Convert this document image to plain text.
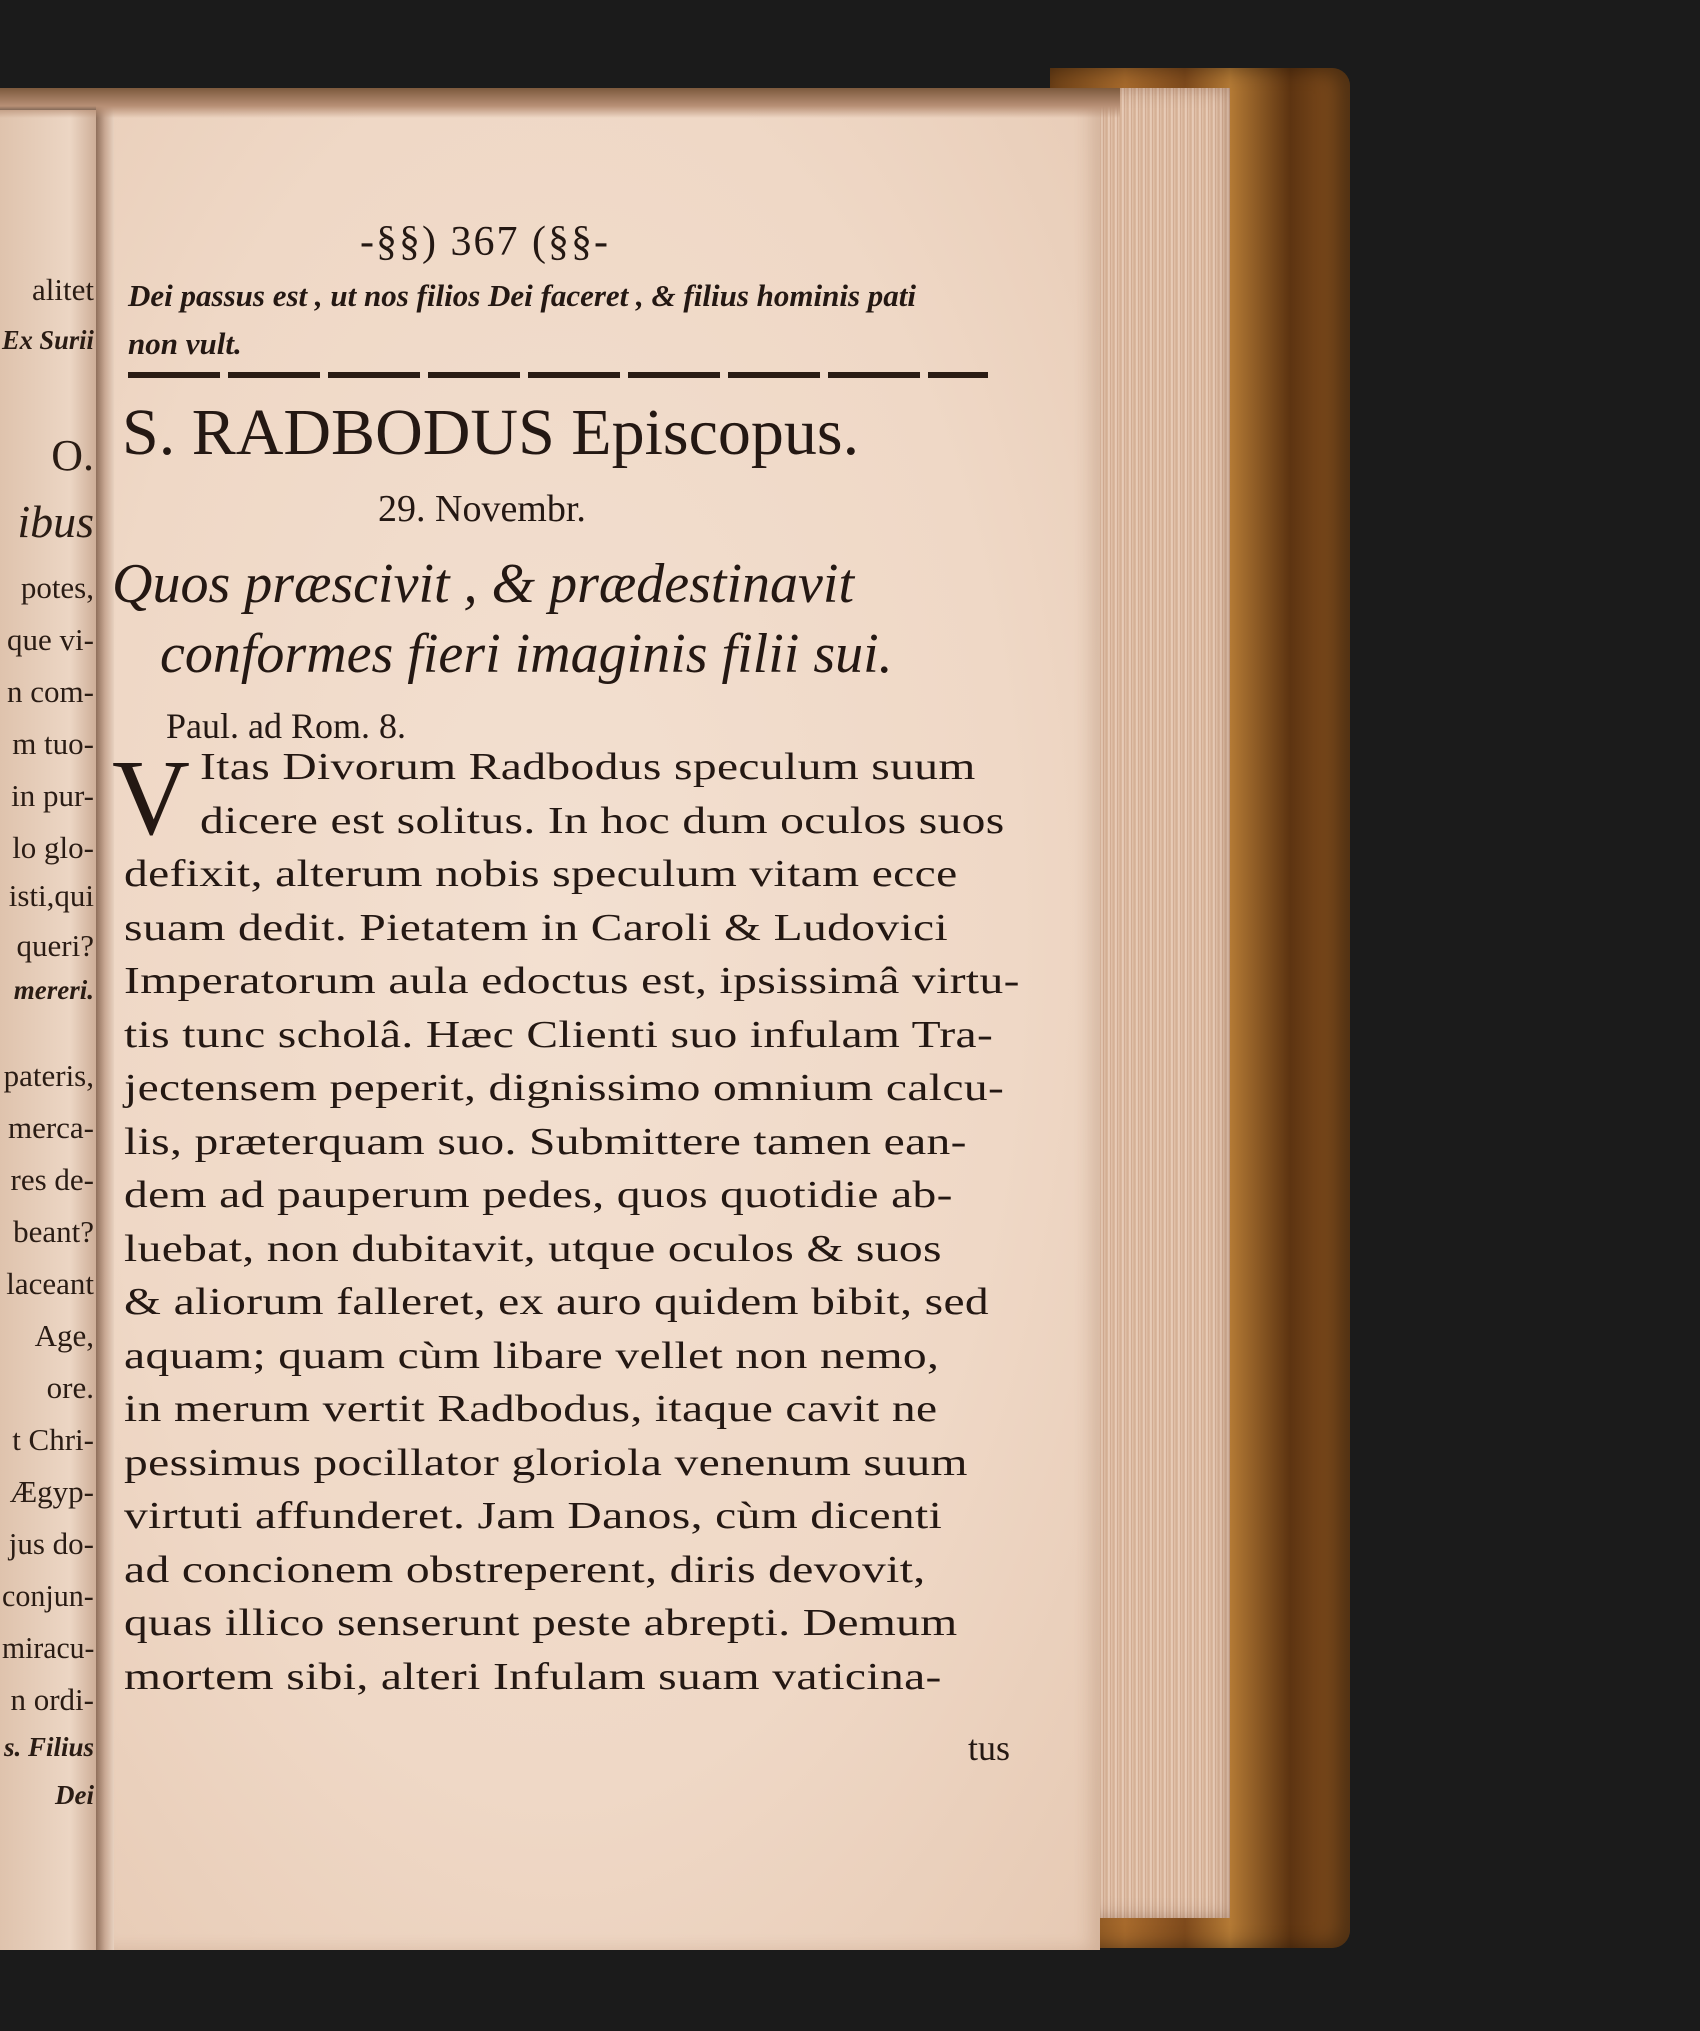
alitet
Ex Surii
O.
ibus
potes,
que vi-
n com-
m tuo-
in pur-
lo glo-
isti,qui
queri?
mereri.
pateris,
merca-
res de-
beant?
laceant
Age,
ore.
t Chri-
Ægyp-
jus do-
conjun-
miracu-
n ordi-
s. Filius
Dei
-§§) 367 (§§-
Dei passus est , ut nos filios Dei faceret , & filius hominis pati
non vult.
S. RADBODUS Episcopus.
29. Novembr.
Quos præscivit , & prædestinavit
conformes fieri imaginis filii sui.
Paul. ad Rom. 8.
V Itas Divorum Radbodus speculum suum
dicere est solitus. In hoc dum oculos suos
defixit, alterum nobis speculum vitam ecce
suam dedit. Pietatem in Caroli & Ludovici
Imperatorum aula edoctus est, ipsissimâ virtu-
tis tunc scholâ. Hæc Clienti suo infulam Tra-
jectensem peperit, dignissimo omnium calcu-
lis, præterquam suo. Submittere tamen ean-
dem ad pauperum pedes, quos quotidie ab-
luebat, non dubitavit, utque oculos & suos
& aliorum falleret, ex auro quidem bibit, sed
aquam; quam cùm libare vellet non nemo,
in merum vertit Radbodus, itaque cavit ne
pessimus pocillator gloriola venenum suum
virtuti affunderet. Jam Danos, cùm dicenti
ad concionem obstreperent, diris devovit,
quas illico senserunt peste abrepti. Demum
mortem sibi, alteri Infulam suam vaticina-
tus
